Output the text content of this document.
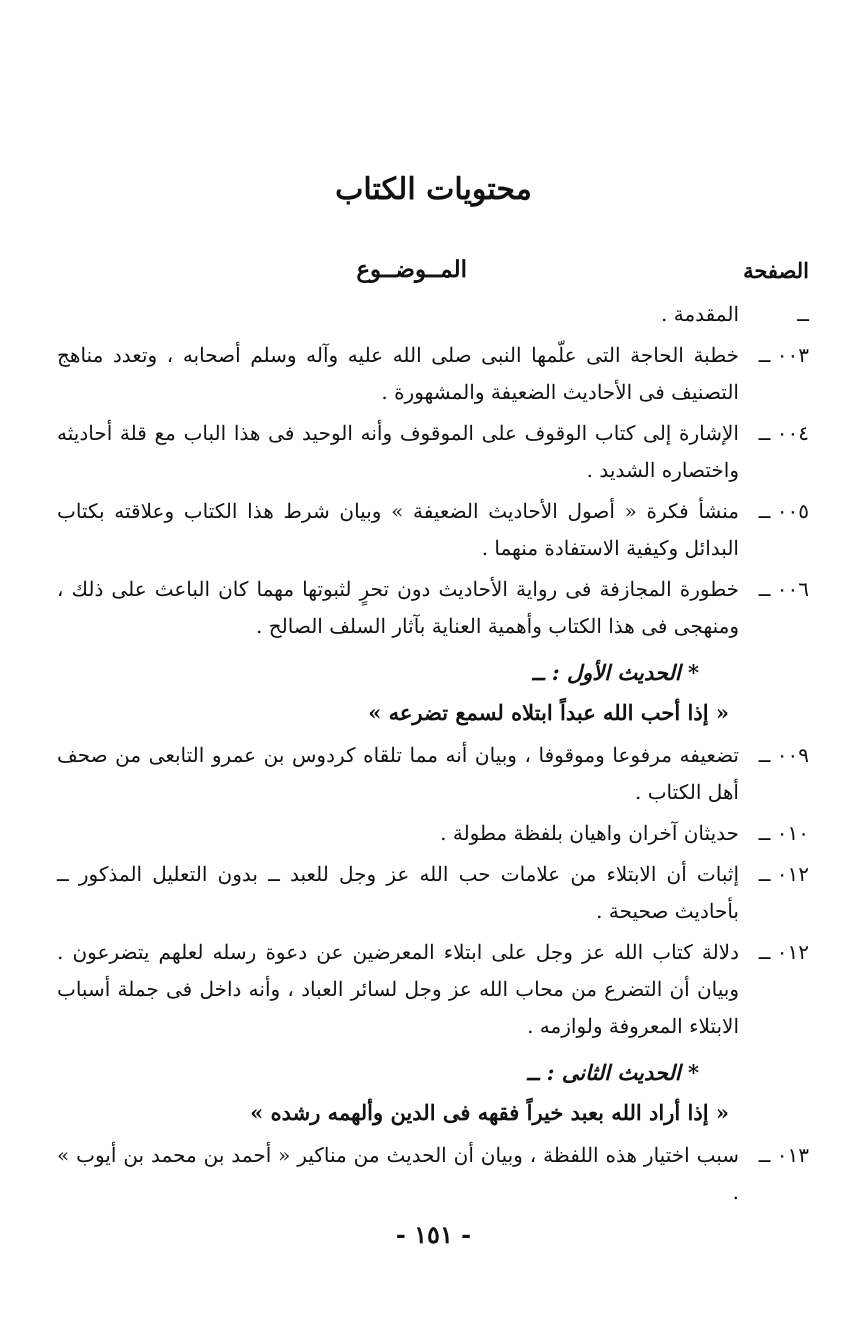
محتويات الكتاب
الصفحة
المــوضــوع
ــ
المقدمة .
٠٠٣ ــ
خطبة الحاجة التى علّمها النبى صلى الله عليه وآله وسلم أصحابه ، وتعدد مناهج التصنيف فى الأحاديث الضعيفة والمشهورة .
٠٠٤ ــ
الإشارة إلى كتاب الوقوف على الموقوف وأنه الوحيد فى هذا الباب مع قلة أحاديثه واختصاره الشديد .
٠٠٥ ــ
منشأ فكرة « أصول الأحاديث الضعيفة » وبيان شرط هذا الكتاب وعلاقته بكتاب البدائل وكيفية الاستفادة منهما .
٠٠٦ ــ
خطورة المجازفة فى رواية الأحاديث دون تحرٍ لثبوتها مهما كان الباعث على ذلك ، ومنهجى فى هذا الكتاب وأهمية العناية بآثار السلف الصالح .
* الحديث الأول : ــ
« إذا أحب الله عبداً ابتلاه لسمع تضرعه »
٠٠٩ ــ
تضعيفه مرفوعا وموقوفا ، وبيان أنه مما تلقاه كردوس بن عمرو التابعى من صحف أهل الكتاب .
٠١٠ ــ
حديثان آخران واهيان بلفظة مطولة .
٠١٢ ــ
إثبات أن الابتلاء من علامات حب الله عز وجل للعبد ــ بدون التعليل المذكور ــ بأحاديث صحيحة .
٠١٢ ــ
دلالة كتاب الله عز وجل على ابتلاء المعرضين عن دعوة رسله لعلهم يتضرعون . وبيان أن التضرع من محاب الله عز وجل لسائر العباد ، وأنه داخل فى جملة أسباب الابتلاء المعروفة ولوازمه .
* الحديث الثانى : ــ
« إذا أراد الله بعبد خيراً فقهه فى الدين وألهمه رشده »
٠١٣ ــ
سبب اختيار هذه اللفظة ، وبيان أن الحديث من مناكير « أحمد بن محمد بن أيوب » .
- ١٥١ -
